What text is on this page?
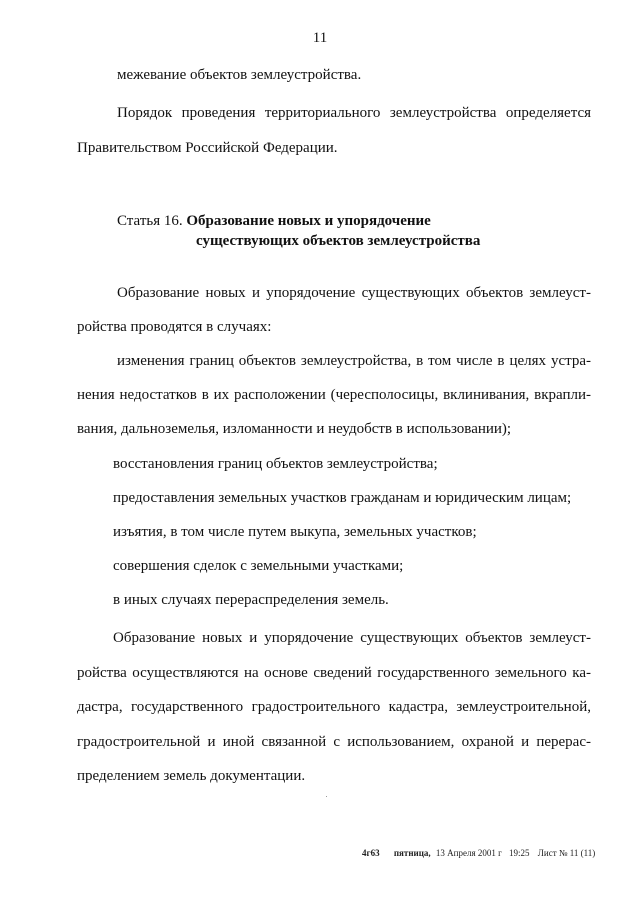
11

межевание объектов землеустройства.

Порядок проведения территориального землеустройства определяется

Правительством Российской Федерации.

Статья 16. Образование новых и упорядочение

существующих объектов землеустройства

Образование новых и упорядочение существующих объектов землеуст-

ройства проводятся в случаях:

изменения границ объектов землеустройства, в том числе в целях устра-

нения недостатков в их расположении (чересполосицы, вклинивания, вкрапли-

вания, дальноземелья, изломанности и неудобств в использовании);

восстановления границ объектов землеустройства;

предоставления земельных участков гражданам и юридическим лицам;

изъятия, в том числе путем выкупа, земельных участков;

совершения сделок с земельными участками;

в иных случаях перераспределения земель.

Образование новых и упорядочение существующих объектов землеуст-

ройства осуществляются на основе сведений государственного земельного ка-

дастра, государственного градостроительного кадастра, землеустроительной,

градостроительной и иной связанной с использованием, охраной и перерас-

пределением земель документации.

4г63 пятница, 13 Апреля 2001 г 19:25 Лист № 11 (11)
